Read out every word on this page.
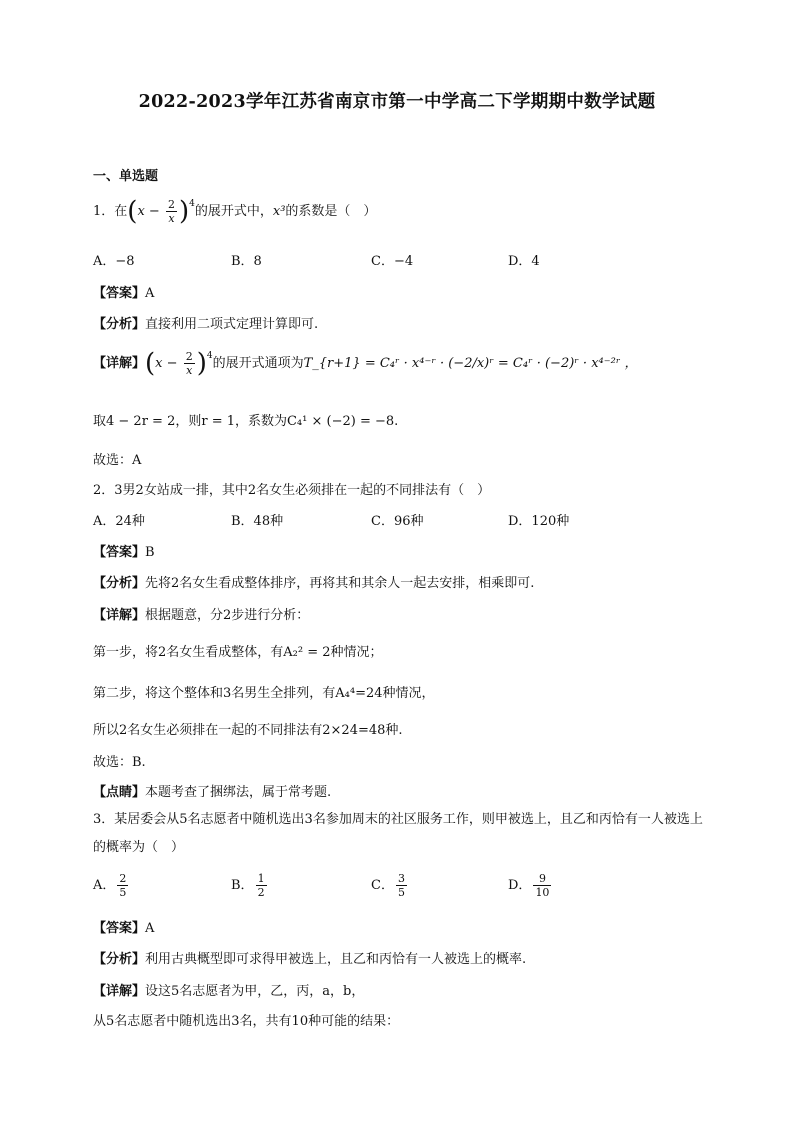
2022-2023学年江苏省南京市第一中学高二下学期期中数学试题
一、单选题
1．在$(x - \frac{2}{x} )^4$的展开式中，x³的系数是（　）
A．−8	B．8	C．−4	D．4
【答案】A
【分析】直接利用二项式定理计算即可.
【详解】$(x - \frac{2}{x} )^4$的展开式通项为T_{r+1} = C₄ʳ · x⁴⁻ʳ · (−2/x)ʳ = C₄ʳ · (−2)ʳ · x⁴⁻²ʳ ，
取4 − 2r = 2，则r = 1，系数为C₄¹ × (−2) = −8.
故选：A
2．3男2女站成一排，其中2名女生必须排在一起的不同排法有（　）
A．24种	B．48种	C．96种	D．120种
【答案】B
【分析】先将2名女生看成整体排序，再将其和其余人一起去安排，相乘即可.
【详解】根据题意，分2步进行分析：
第一步，将2名女生看成整体，有A₂² = 2种情况；
第二步，将这个整体和3名男生全排列，有A₄⁴=24种情况，
所以2名女生必须排在一起的不同排法有2×24=48种.
故选：B.
【点睛】本题考查了捆绑法，属于常考题.
3．某居委会从5名志愿者中随机选出3名参加周末的社区服务工作，则甲被选上，且乙和丙恰有一人被选上的概率为（　）
A． $\frac{2}{5}$	B． $\frac{1}{2}$	C． $\frac{3}{5}$	D． $\frac{9}{10}$
【答案】A
【分析】利用古典概型即可求得甲被选上，且乙和丙恰有一人被选上的概率.
【详解】设这5名志愿者为甲，乙，丙，a，b，
从5名志愿者中随机选出3名，共有10种可能的结果：
